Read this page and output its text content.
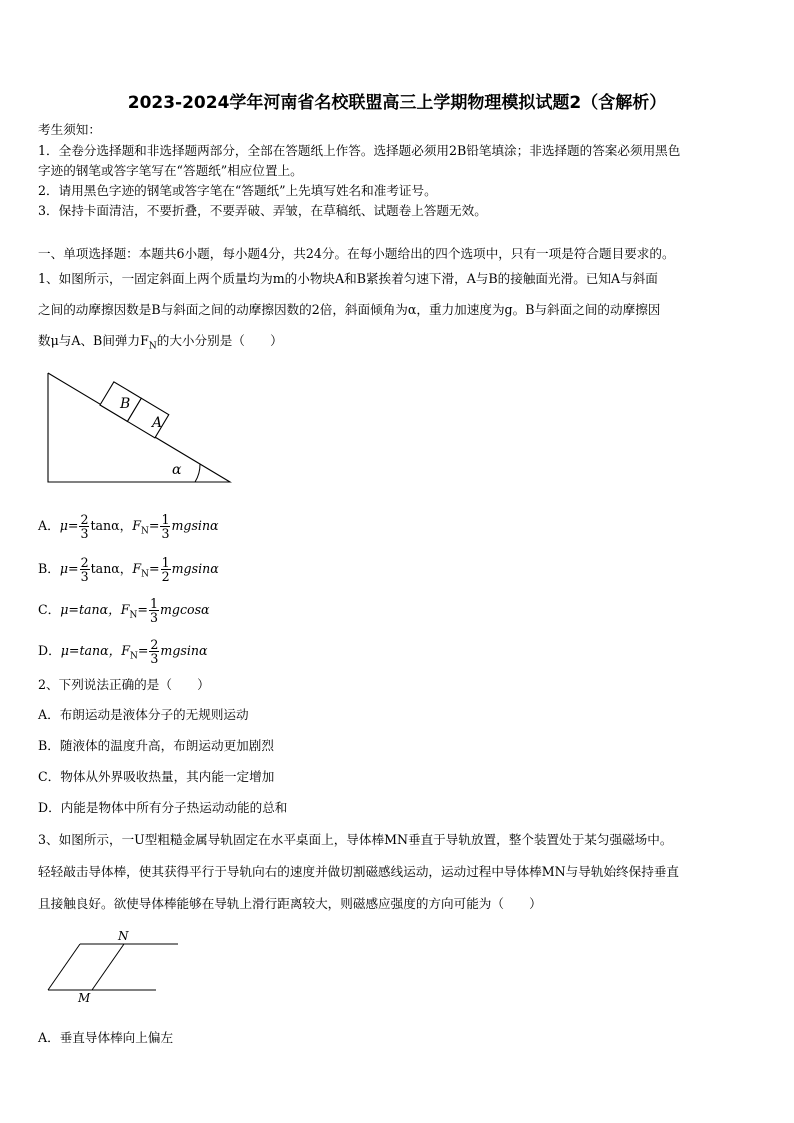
2023-2024学年河南省名校联盟高三上学期物理模拟试题2（含解析）
考生须知：
1．全卷分选择题和非选择题两部分，全部在答题纸上作答。选择题必须用2B铅笔填涂；非选择题的答案必须用黑色
字迹的钢笔或答字笔写在“答题纸”相应位置上。
2．请用黑色字迹的钢笔或答字笔在“答题纸”上先填写姓名和准考证号。
3．保持卡面清洁，不要折叠，不要弄破、弄皱，在草稿纸、试题卷上答题无效。
一、单项选择题：本题共6小题，每小题4分，共24分。在每小题给出的四个选项中，只有一项是符合题目要求的。
1、如图所示，一固定斜面上两个质量均为m的小物块A和B紧挨着匀速下滑，A与B的接触面光滑。已知A与斜面
之间的动摩擦因数是B与斜面之间的动摩擦因数的2倍，斜面倾角为α，重力加速度为g。B与斜面之间的动摩擦因
数μ与A、B间弹力$F_N$的大小分别是（　　）
B
A
α
A．$\mu= \frac{2}{3}$ tanα，$F_N= \frac{1}{3}$ mgsinα
B．$\mu= \frac{2}{3}$ tanα，$F_N= \frac{1}{2}$ mgsinα
C．μ=tanα，$F_N= \frac{1}{3}$ mgcosα
D．μ=tanα，$F_N= \frac{2}{3}$ mgsinα
2、下列说法正确的是（　　）
A．布朗运动是液体分子的无规则运动
B．随液体的温度升高，布朗运动更加剧烈
C．物体从外界吸收热量，其内能一定增加
D．内能是物体中所有分子热运动动能的总和
3、如图所示，一U型粗糙金属导轨固定在水平桌面上，导体棒MN垂直于导轨放置，整个装置处于某匀强磁场中。
轻轻敲击导体棒，使其获得平行于导轨向右的速度并做切割磁感线运动，运动过程中导体棒MN与导轨始终保持垂直
且接触良好。欲使导体棒能够在导轨上滑行距离较大，则磁感应强度的方向可能为（　　）
N
M
A．垂直导体棒向上偏左
